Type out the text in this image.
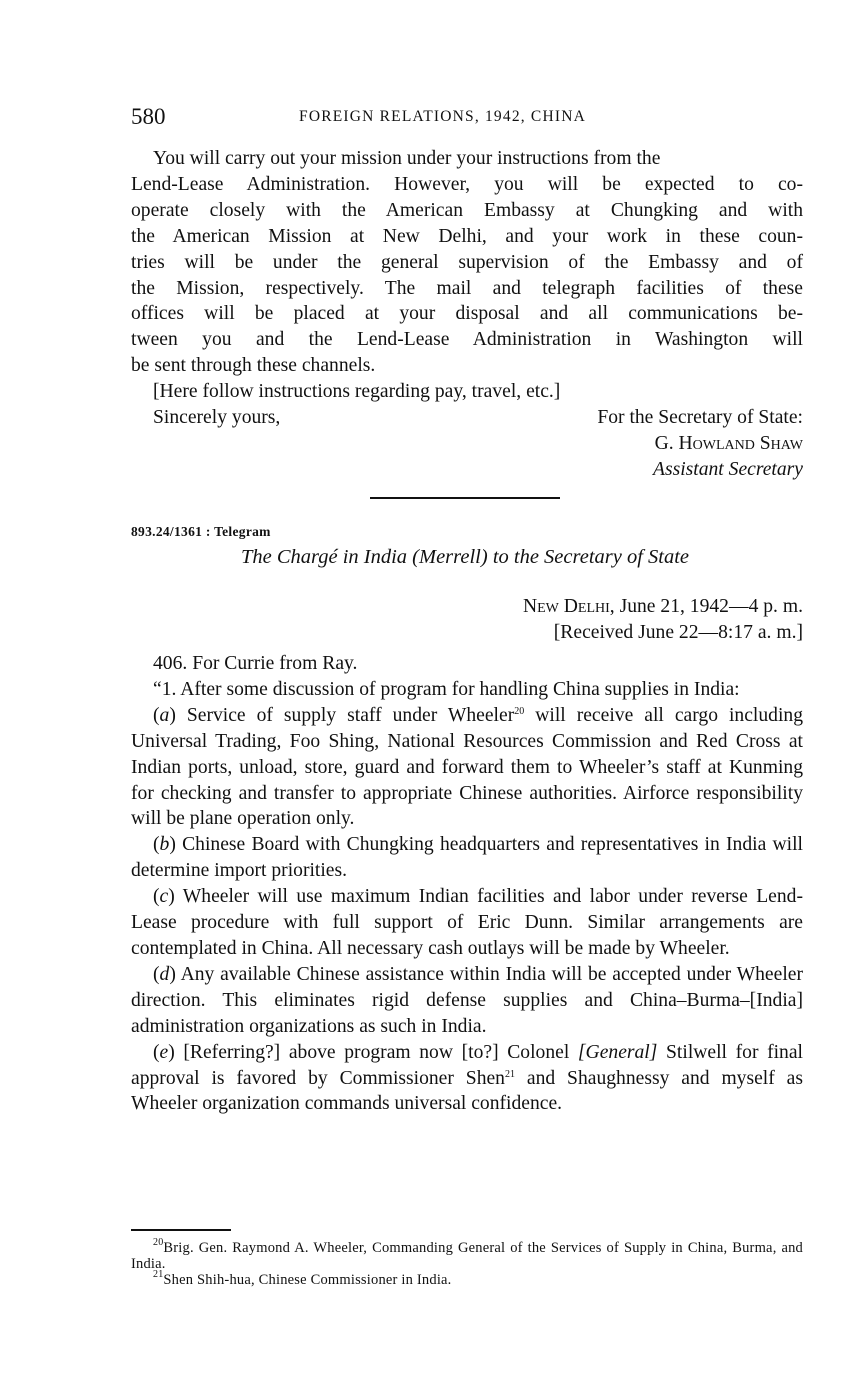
580	FOREIGN RELATIONS, 1942, CHINA
You will carry out your mission under your instructions from the
Lend-Lease Administration. However, you will be expected to co-
operate closely with the American Embassy at Chungking and with
the American Mission at New Delhi, and your work in these coun-
tries will be under the general supervision of the Embassy and of
the Mission, respectively. The mail and telegraph facilities of these
offices will be placed at your disposal and all communications be-
tween you and the Lend-Lease Administration in Washington will
be sent through these channels.
[Here follow instructions regarding pay, travel, etc.]
Sincerely yours,	For the Secretary of State:
G. Howland Shaw
Assistant Secretary
893.24/1361 : Telegram
The Chargé in India (Merrell) to the Secretary of State
New Delhi, June 21, 1942—4 p. m.
[Received June 22—8:17 a. m.]

406. For Currie from Ray.

“1. After some discussion of program for handling China supplies in India:

(a) Service of supply staff under Wheeler$^{20}$ will receive all cargo including Universal Trading, Foo Shing, National Resources Commission and Red Cross at Indian ports, unload, store, guard and forward them to Wheeler’s staff at Kunming for checking and transfer to appropriate Chinese authorities. Airforce responsibility will be plane operation only.

(b) Chinese Board with Chungking headquarters and representatives in India will determine import priorities.

(c) Wheeler will use maximum Indian facilities and labor under reverse Lend-Lease procedure with full support of Eric Dunn. Similar arrangements are contemplated in China. All necessary cash outlays will be made by Wheeler.

(d) Any available Chinese assistance within India will be accepted under Wheeler direction. This eliminates rigid defense supplies and China–Burma–[India] administration organizations as such in India.

(e) [Referring?] above program now [to?] Colonel [General] Stilwell for final approval is favored by Commissioner Shen$^{21}$ and Shaughnessy and myself as Wheeler organization commands universal confidence.

$^{20}$Brig. Gen. Raymond A. Wheeler, Commanding General of the Services of Supply in China, Burma, and India.

$^{21}$Shen Shih-hua, Chinese Commissioner in India.
